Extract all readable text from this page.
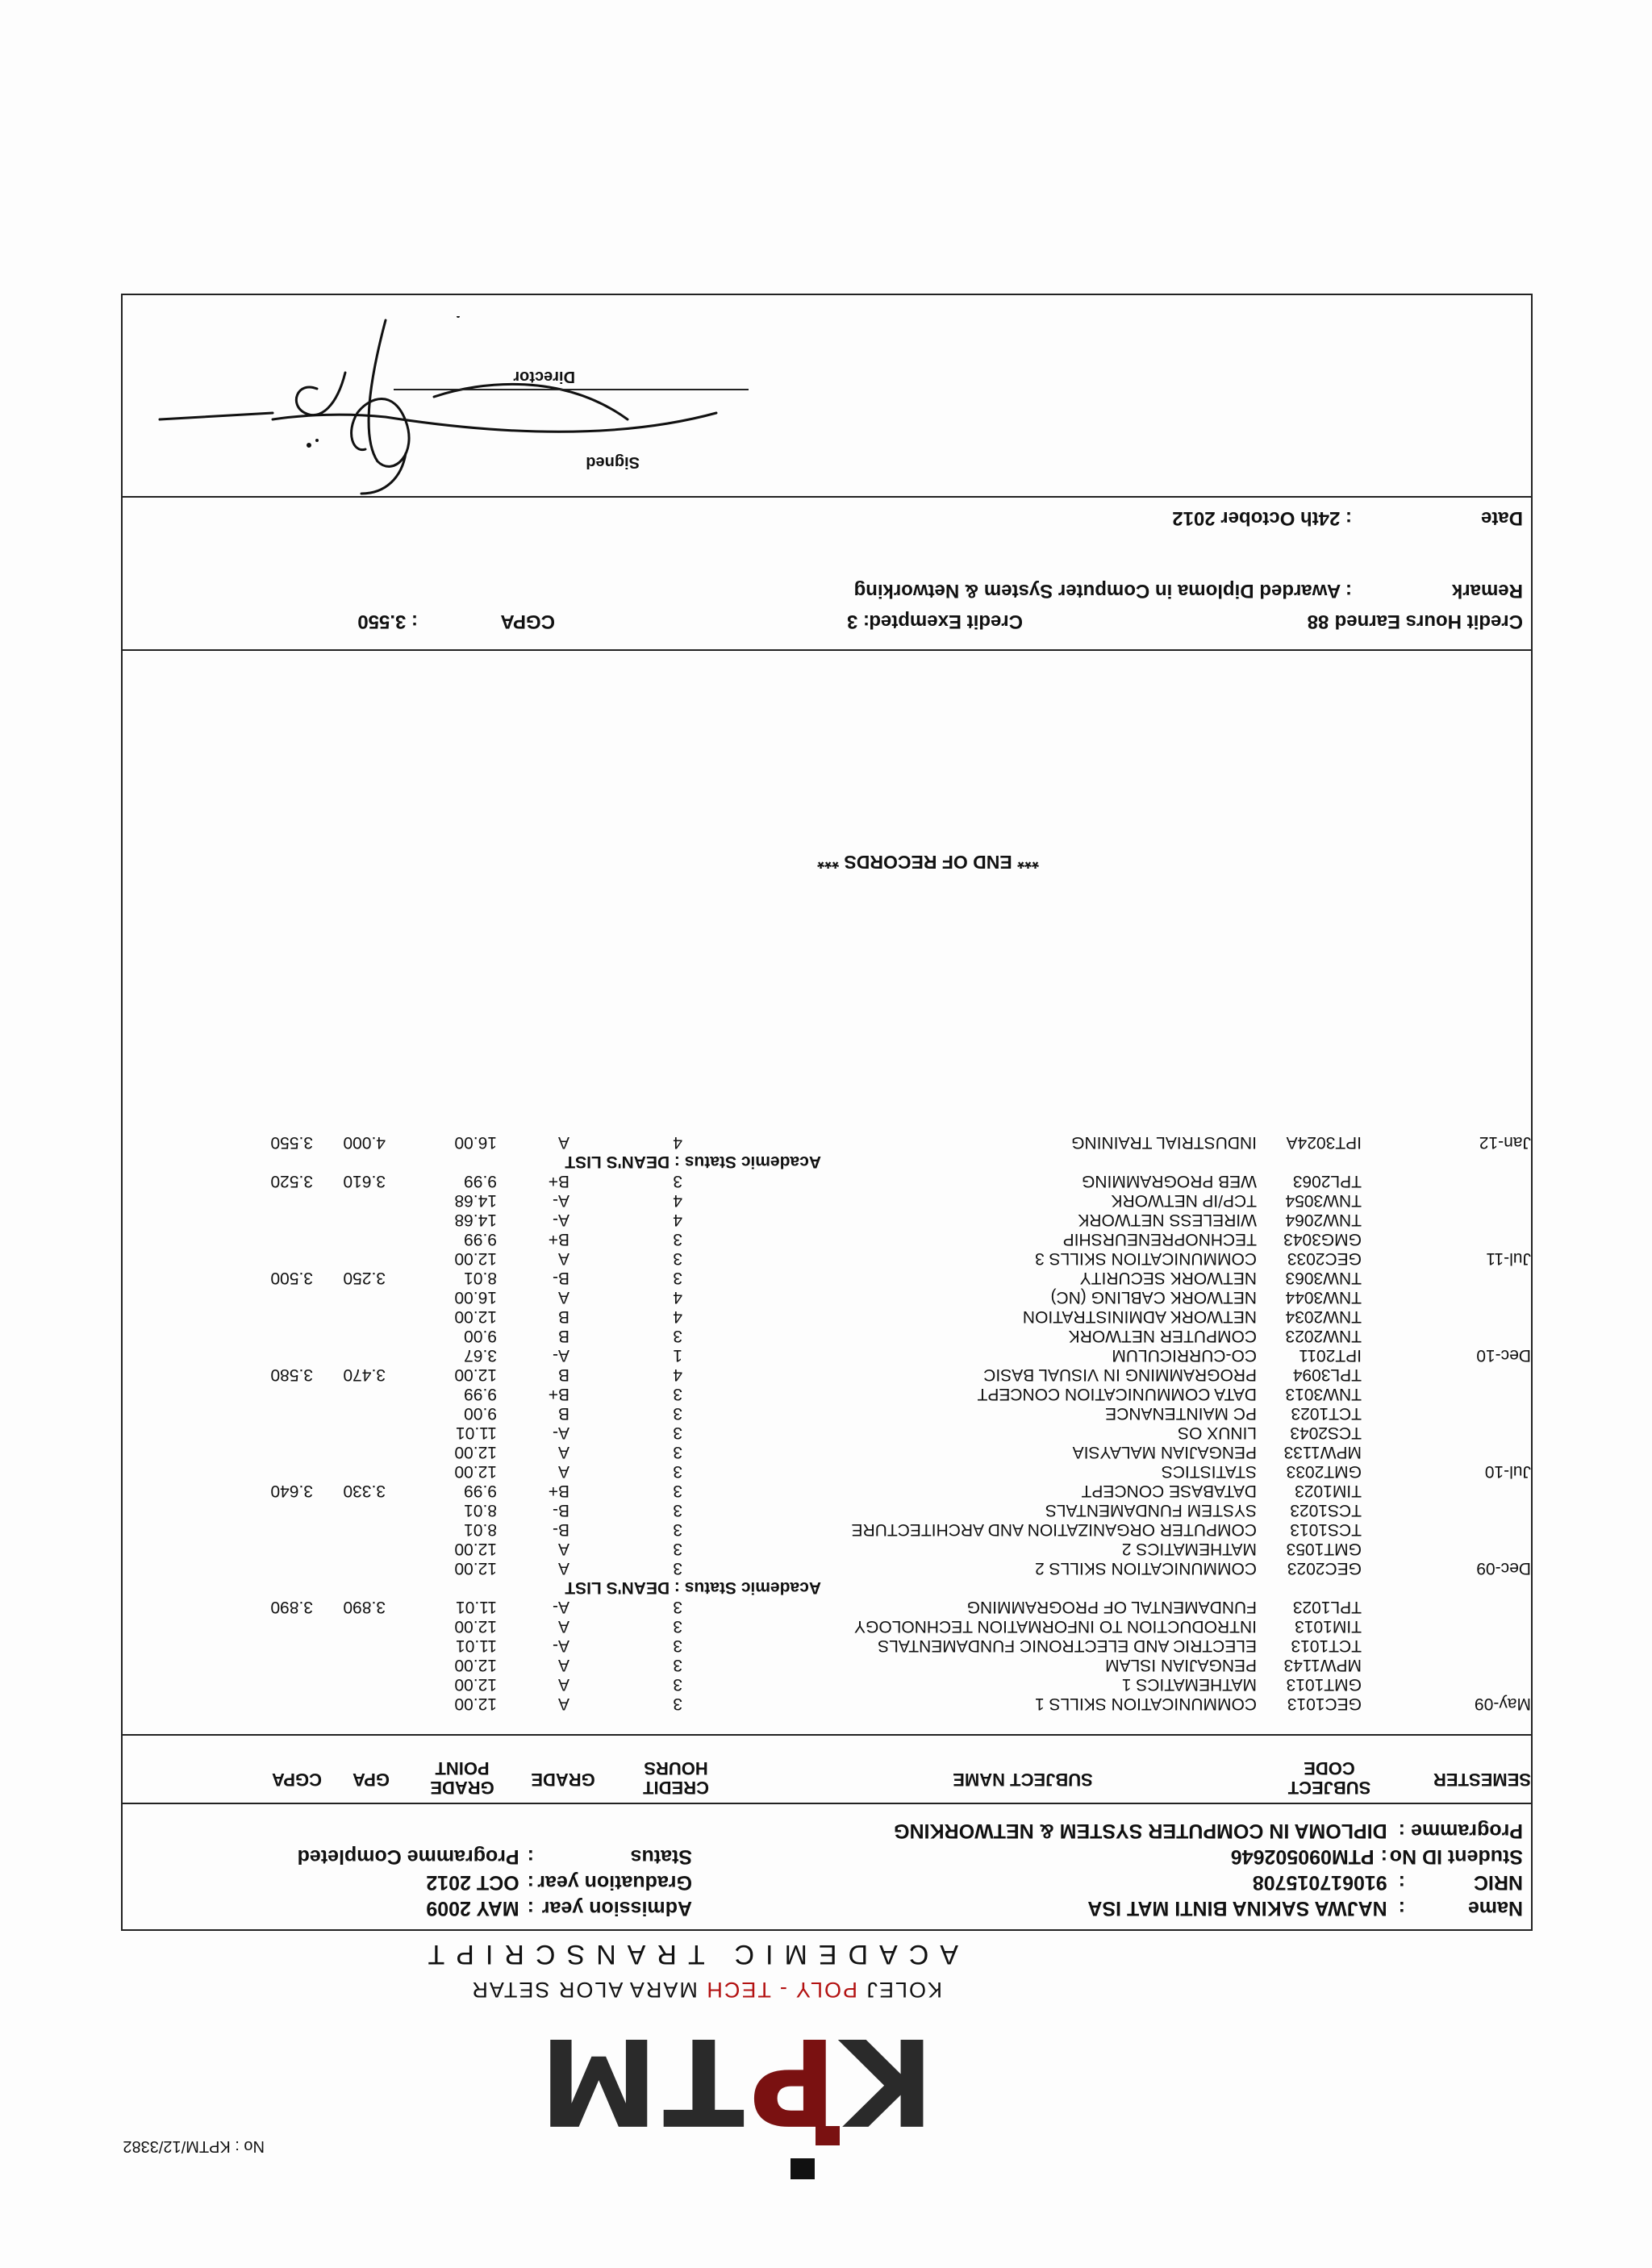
No : KPTM/12/3382	KPTM
KOLEJ POLY - TECH MARA ALOR SETAR
ACADEMIC TRANSCRIPT
Name:NAJWA SAKINA BINTI MAT ISA
NRIC:910617015708
Student ID No:PTM090502646
Programme:DIPLOMA IN COMPUTER SYSTEM & NETWORKING
Admission year:MAY 2009
Graduation year:OCT 2012
Status:Programme Completed
SEMESTER
SUBJECT
CODE
SUBJECT NAME
CREDIT
HOURS
GRADE
GRADE
POINT
GPA
CGPA
May-09
GEC1013
COMMUNICATION SKILLS 1
3
A
12.00
GMT1013
MATHEMATICS 1
3
A
12.00
MPW1143
PENGAJIAN ISLAM
3
A
12.00
TCT1013
ELECTRIC AND ELECTRONIC FUNDAMENTALS
3
A-
11.01
TIM1013
INTRODUCTION TO INFORMATION TECHNOLOGY
3
A
12.00
TPL1023
FUNDAMENTAL OF PROGRAMMING
3
A-
11.01
3.890
3.890
Academic Status : DEAN'S LIST
Dec-09
GEC2023
COMMUNICATION SKILLS 2
3
A
12.00
GMT1053
MATHEMATICS 2
3
A
12.00
TCS1013
COMPUTER ORGANIZATION AND ARCHITECTURE
3
B-
8.01
TCS1023
SYSTEM FUNDAMENTALS
3
B-
8.01
TIM1023
DATABASE CONCEPT
3
B+
9.99
3.330
3.640
Jul-10
GMT2033
STATISTICS
3
A
12.00
MPW1133
PENGAJIAN MALAYSIA
3
A
12.00
TCS2043
LINUX OS
3
A-
11.01
TCT1023
PC MAINTENANCE
3
B
9.00
TNW3013
DATA COMMUNICATION CONCEPT
3
B+
9.99
TPL3094
PROGRAMMING IN VISUAL BASIC
4
B
12.00
3.470
3.580
Dec-10
IPT2011
CO-CURRICULUM
1
A-
3.67
TNW2023
COMPUTER NETWORK
3
B
9.00
TNW2034
NETWORK ADMINISTRATION
4
B
12.00
TNW3044
NETWORK CABLING (NC)
4
A
16.00
TNW3063
NETWORK SECURITY
3
B-
8.01
3.250
3.500
Jul-11
GEC2033
COMMUNICATION SKILLS 3
3
A
12.00
GMG3043
TECHNOPRENEURSHIP
3
B+
9.99
TNW2064
WIRELESS NETWORK
4
A-
14.68
TNW3054
TCP/IP NETWORK
4
A-
14.68
TPL2063
WEB PROGRAMMING
3
B+
9.99
3.610
3.520
Academic Status : DEAN'S LIST
Jan-12
IPT3024A
INDUSTRIAL TRAINING
4
A
16.00
4.000
3.550
*** END OF RECORDS ***
Credit Hours Earned: 88
Credit Exempted: 3
CGPA: 3.550
Remark: Awarded Diploma in Computer System & Networking
Date: 24th October 2012
Signed
Director
